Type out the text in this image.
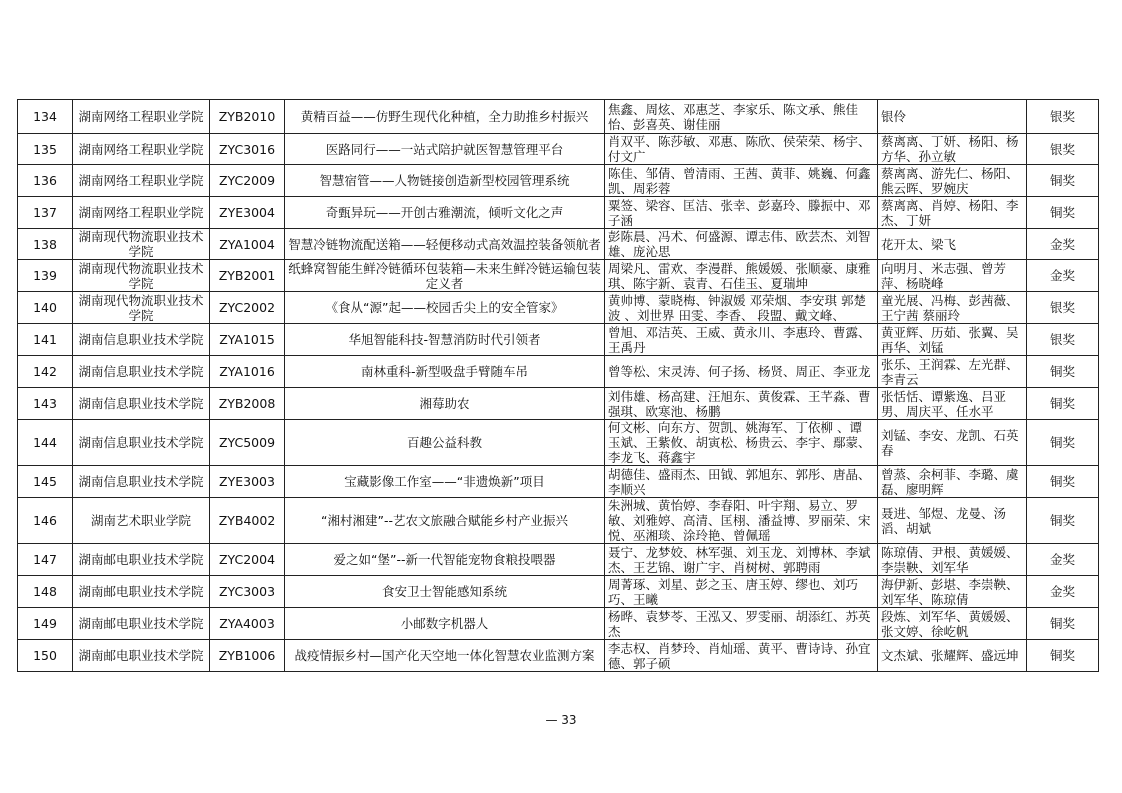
134	湖南网络工程职业学院	ZYB2010	黄精百益——仿野生现代化种植，全力助推乡村振兴	焦鑫、周炫、邓惠芝、李家乐、陈文承、熊佳怡、彭喜英、谢佳丽	银伶	银奖
135	湖南网络工程职业学院	ZYC3016	医路同行——一站式陪护就医智慧管理平台	肖双平、陈莎敏、邓惠、陈欣、侯荣荣、杨宇、付文广	蔡离离、丁妍、杨阳、杨方华、孙立敏	银奖
136	湖南网络工程职业学院	ZYC2009	智慧宿管——人物链接创造新型校园管理系统	陈佳、邹倩、曾清雨、王茜、黄菲、姚巍、何鑫凯、周彩蓉	蔡离离、游先仁、杨阳、熊云晖、罗婉庆	铜奖
137	湖南网络工程职业学院	ZYE3004	奇甄异玩——开创古雅潮流，倾听文化之声	粟签、梁容、匡洁、张幸、彭嘉玲、滕振中、邓子涵	蔡离离、肖婷、杨阳、李杰、丁妍	铜奖
138	湖南现代物流职业技术学院	ZYA1004	智慧冷链物流配送箱——轻便移动式高效温控装备领航者	彭陈晨、冯术、何盛源、谭志伟、欧芸杰、刘智雄、庞沁思	花开太、梁飞	金奖
139	湖南现代物流职业技术学院	ZYB2001	纸蜂窝智能生鲜冷链循环包装箱—未来生鲜冷链运输包装定义者	周梁凡、雷欢、李漫群、熊媛媛、张顺豪、康雅琪、陈宇新、袁青、石佳玉、夏瑞坤	向明月、米志强、曾芳萍、杨晓峰	金奖
140	湖南现代物流职业技术学院	ZYC2002	《食从“源”起——校园舌尖上的安全管家》	黄帅博、蒙晓梅、钟淑媛 邓荣烟、李安琪 郭楚波 、刘世界 田雯、李香、 段盟、戴文峰、	童光展、冯梅、彭茜薇、王宁茜 蔡丽玲	银奖
141	湖南信息职业技术学院	ZYA1015	华旭智能科技-智慧消防时代引领者	曾旭、邓洁英、王威、黄永川、李惠玲、曹露、王禹丹	黄亚辉、历茹、张翼、吴再华、刘锰	银奖
142	湖南信息职业技术学院	ZYA1016	南林重科-新型吸盘手臂随车吊	曾等松、宋灵涛、何子扬、杨贤、周正、李亚龙	张乐、王润霖、左光群、李青云	铜奖
143	湖南信息职业技术学院	ZYB2008	湘莓助农	刘伟雄、杨高建、汪旭东、黄俊霖、王芊淼、曹强琪、欧寒池、杨鹏	张恬恬、谭紫逸、吕亚男、周庆平、任水平	铜奖
144	湖南信息职业技术学院	ZYC5009	百趣公益科教	何文彬、向东方、贺凯、姚海军、丁依柳 、谭玉斌、王紫攸、胡寅松、杨贵云、李宇、鄢蒙、李龙飞、蒋鑫宇	刘锰、李安、龙凯、石英春	铜奖
145	湖南信息职业技术学院	ZYE3003	宝藏影像工作室——“非遗焕新”项目	胡德佳、盛雨杰、田钺、郭旭东、郭彤、唐晶、李顺兴	曾蒸、余柯菲、李璐、虞磊、廖明辉	铜奖
146	湖南艺术职业学院	ZYB4002	“湘村湘建”--艺农文旅融合赋能乡村产业振兴	朱洲城、黄怡婷、李春阳、叶宇翔、易立、罗敏、刘雅婷、高清、匡栩、潘益博、罗丽荣、宋悦、巫湘琰、涂玲艳、曾佩瑶	聂进、邹煜、龙曼、汤滔、胡斌	铜奖
147	湖南邮电职业技术学院	ZYC2004	爱之如“堡”--新一代智能宠物食粮投喂器	聂宁、龙梦姣、林军强、刘玉龙、刘博林、李斌杰、王艺锦、谢广宇、肖树树、郭聘雨	陈琼倩、尹根、黄媛媛、李崇鞅、刘军华	金奖
148	湖南邮电职业技术学院	ZYC3003	食安卫士智能感知系统	周菁琢、刘星、彭之玉、唐玉婷、缪也、刘巧巧、王曦	海伊新、彭堪、李崇鞅、刘军华、陈琼倩	金奖
149	湖南邮电职业技术学院	ZYA4003	小邮数字机器人	杨晔、袁梦苓、王泓又、罗雯丽、胡添红、苏英杰	段炼、刘军华、黄媛媛、张文婷、徐屹帆	铜奖
150	湖南邮电职业技术学院	ZYB1006	战疫情振乡村—国产化天空地一体化智慧农业监测方案	李志权、肖梦玲、肖灿瑶、黄平、曹诗诗、孙宜德、郭子硕	文杰斌、张耀辉、盛远坤	铜奖
— 33
